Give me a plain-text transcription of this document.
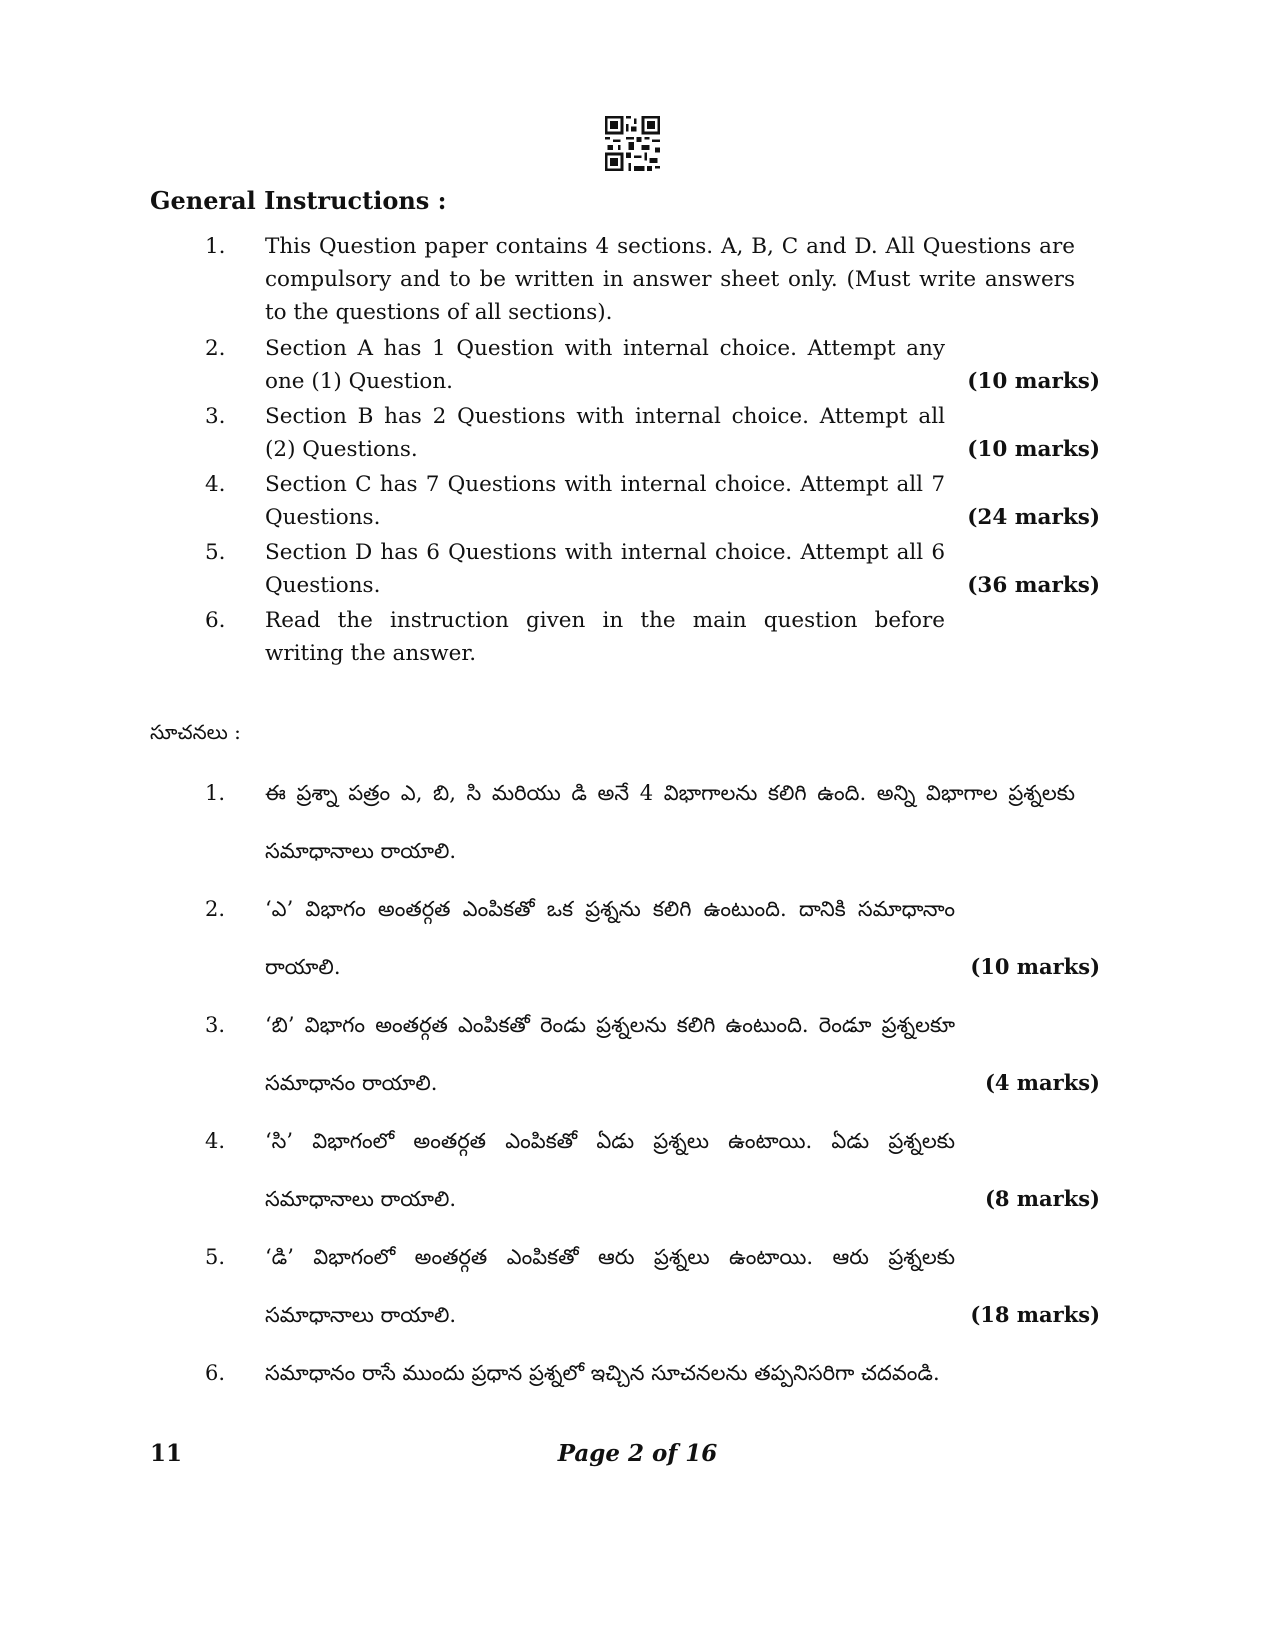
General Instructions :
1. This Question paper contains 4 sections. A, B, C and D. All Questions are compulsory and to be written in answer sheet only. (Must write answers to the questions of all sections).
2. Section A has 1 Question with internal choice. Attempt any one (1) Question.	(10 marks)
3. Section B has 2 Questions with internal choice. Attempt all (2) Questions.	(10 marks)
4. Section C has 7 Questions with internal choice. Attempt all 7 Questions.	(24 marks)
5. Section D has 6 Questions with internal choice. Attempt all 6 Questions.	(36 marks)
6. Read the instruction given in the main question before writing the answer.
సూచనలు :
1. ఈ ప్రశ్నా పత్రం ఎ, బి, సి మరియు డి అనే 4 విభాగాలను కలిగి ఉంది. అన్ని విభాగాల ప్రశ్నలకు సమాధానాలు రాయాలి.
2. ‘ఎ’ విభాగం అంతర్గత ఎంపికతో ఒక ప్రశ్నను కలిగి ఉంటుంది. దానికి సమాధానాం రాయాలి.	(10 marks)
3. ‘బి’ విభాగం అంతర్గత ఎంపికతో రెండు ప్రశ్నలను కలిగి ఉంటుంది. రెండూ ప్రశ్నలకూ సమాధానం రాయాలి.	(4 marks)
4. ‘సి’ విభాగంలో అంతర్గత ఎంపికతో ఏడు ప్రశ్నలు ఉంటాయి. ఏడు ప్రశ్నలకు సమాధానాలు రాయాలి.	(8 marks)
5. ‘డి’ విభాగంలో అంతర్గత ఎంపికతో ఆరు ప్రశ్నలు ఉంటాయి. ఆరు ప్రశ్నలకు సమాధానాలు రాయాలి.	(18 marks)
6. సమాధానం రాసే ముందు ప్రధాన ప్రశ్నలో ఇచ్చిన సూచనలను తప్పనిసరిగా చదవండి.
11	Page 2 of 16
